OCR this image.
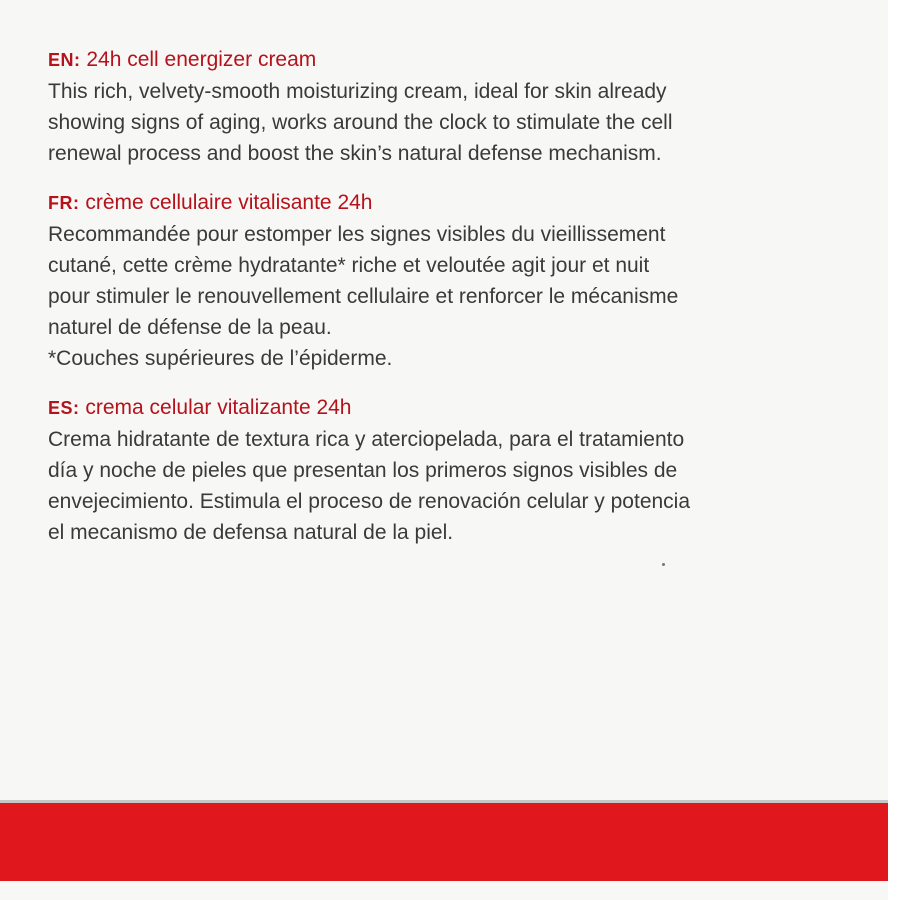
EN: 24h cell energizer cream
This rich, velvety-smooth moisturizing cream, ideal for skin already
showing signs of aging, works around the clock to stimulate the cell
renewal process and boost the skin’s natural defense mechanism.
FR: crème cellulaire vitalisante 24h
Recommandée pour estomper les signes visibles du vieillissement
cutané, cette crème hydratante* riche et veloutée agit jour et nuit
pour stimuler le renouvellement cellulaire et renforcer le mécanisme
naturel de défense de la peau.
*Couches supérieures de l’épiderme.
ES: crema celular vitalizante 24h
Crema hidratante de textura rica y aterciopelada, para el tratamiento
día y noche de pieles que presentan los primeros signos visibles de
envejecimiento. Estimula el proceso de renovación celular y potencia
el mecanismo de defensa natural de la piel.
